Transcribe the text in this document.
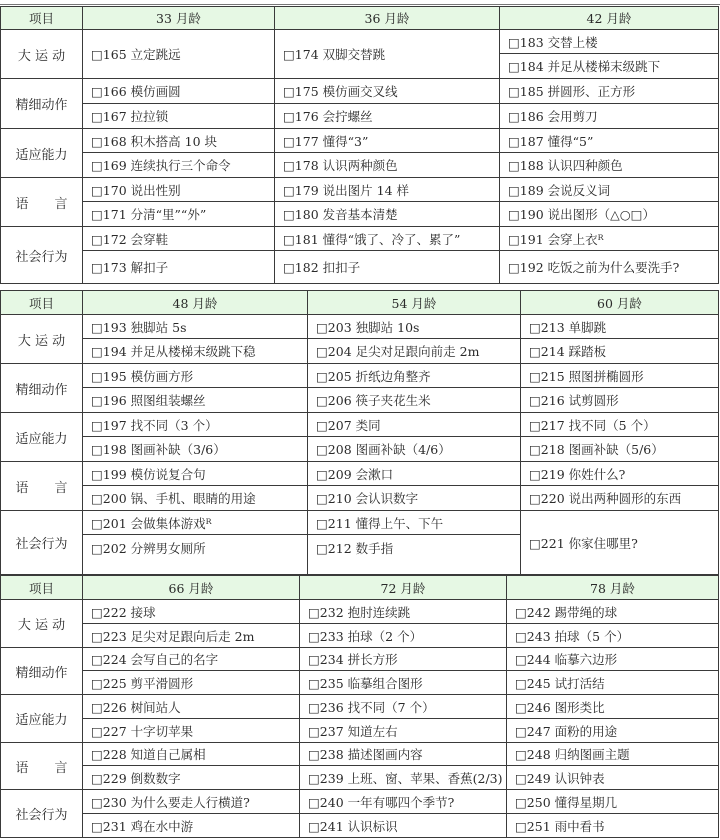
项目	33 月龄	36 月龄	42 月龄
大 运 动	□165 立定跳远	□174 双脚交替跳	□183 交替上楼
			□184 并足从楼梯末级跳下
精细动作	□166 模仿画圆	□175 模仿画交叉线	□185 拼圆形、正方形
	□167 拉拉锁	□176 会拧螺丝	□186 会用剪刀
适应能力	□168 积木搭高 10 块	□177 懂得“3”	□187 懂得“5”
	□169 连续执行三个命令	□178 认识两种颜色	□188 认识四种颜色
语　　言	□170 说出性别	□179 说出图片 14 样	□189 会说反义词
	□171 分清“里”“外”	□180 发音基本清楚	□190 说出图形（△○□）
社会行为	□172 会穿鞋	□181 懂得“饿了、冷了、累了”	□191 会穿上衣ᴿ
	□173 解扣子	□182 扣扣子	□192 吃饭之前为什么要洗手?
项目	48 月龄	54 月龄	60 月龄
大 运 动	□193 独脚站 5s	□203 独脚站 10s	□213 单脚跳
	□194 并足从楼梯末级跳下稳	□204 足尖对足跟向前走 2m	□214 踩踏板
精细动作	□195 模仿画方形	□205 折纸边角整齐	□215 照图拼椭圆形
	□196 照图组装螺丝	□206 筷子夹花生米	□216 试剪圆形
适应能力	□197 找不同（3 个）	□207 类同	□217 找不同（5 个）
	□198 图画补缺（3/6）	□208 图画补缺（4/6）	□218 图画补缺（5/6）
语　　言	□199 模仿说复合句	□209 会漱口	□219 你姓什么?
	□200 锅、手机、眼睛的用途	□210 会认识数字	□220 说出两种圆形的东西
社会行为	□201 会做集体游戏ᴿ	□211 懂得上午、下午	□221 你家住哪里?
	□202 分辨男女厕所	□212 数手指	
项目	66 月龄	72 月龄	78 月龄
大 运 动	□222 接球	□232 抱肘连续跳	□242 踢带绳的球
	□223 足尖对足跟向后走 2m	□233 拍球（2 个）	□243 拍球（5 个）
精细动作	□224 会写自己的名字	□234 拼长方形	□244 临摹六边形
	□225 剪平滑圆形	□235 临摹组合图形	□245 试打活结
适应能力	□226 树间站人	□236 找不同（7 个）	□246 图形类比
	□227 十字切苹果	□237 知道左右	□247 面粉的用途
语　　言	□228 知道自己属相	□238 描述图画内容	□248 归纳图画主题
	□229 倒数数字	□239 上班、窗、苹果、香蕉(2/3)	□249 认识钟表
社会行为	□230 为什么要走人行横道?	□240 一年有哪四个季节?	□250 懂得星期几
	□231 鸡在水中游	□241 认识标识	□251 雨中看书
